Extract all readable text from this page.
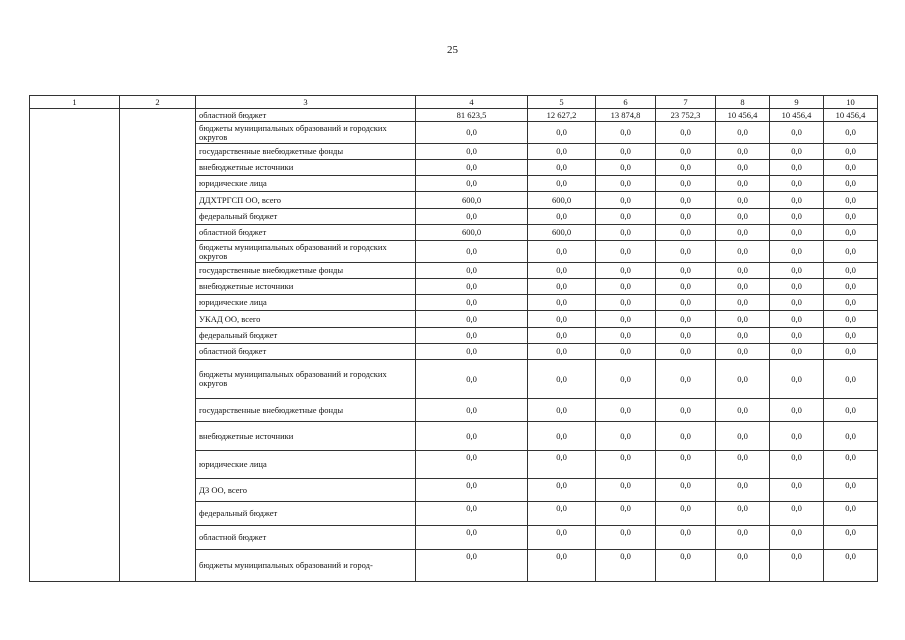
25
1	2	3	4	5	6	7	8	9	10
		областной бюджет	81 623,5	12 627,2	13 874,8	23 752,3	10 456,4	10 456,4	10 456,4
		бюджеты муниципальных образований и городских округов	0,0	0,0	0,0	0,0	0,0	0,0	0,0
		государственные внебюджетные фонды	0,0	0,0	0,0	0,0	0,0	0,0	0,0
		внебюджетные источники	0,0	0,0	0,0	0,0	0,0	0,0	0,0
		юридические лица	0,0	0,0	0,0	0,0	0,0	0,0	0,0
		ДДХТРГСП ОО, всего	600,0	600,0	0,0	0,0	0,0	0,0	0,0
		федеральный бюджет	0,0	0,0	0,0	0,0	0,0	0,0	0,0
		областной бюджет	600,0	600,0	0,0	0,0	0,0	0,0	0,0
		бюджеты муниципальных образований и городских округов	0,0	0,0	0,0	0,0	0,0	0,0	0,0
		государственные внебюджетные фонды	0,0	0,0	0,0	0,0	0,0	0,0	0,0
		внебюджетные источники	0,0	0,0	0,0	0,0	0,0	0,0	0,0
		юридические лица	0,0	0,0	0,0	0,0	0,0	0,0	0,0
		УКАД ОО, всего	0,0	0,0	0,0	0,0	0,0	0,0	0,0
		федеральный бюджет	0,0	0,0	0,0	0,0	0,0	0,0	0,0
		областной бюджет	0,0	0,0	0,0	0,0	0,0	0,0	0,0
		бюджеты муниципальных образований и городских округов	0,0	0,0	0,0	0,0	0,0	0,0	0,0
		государственные внебюджетные фонды	0,0	0,0	0,0	0,0	0,0	0,0	0,0
		внебюджетные источники	0,0	0,0	0,0	0,0	0,0	0,0	0,0
		юридические лица	0,0	0,0	0,0	0,0	0,0	0,0	0,0
		ДЗ ОО, всего	0,0	0,0	0,0	0,0	0,0	0,0	0,0
		федеральный бюджет	0,0	0,0	0,0	0,0	0,0	0,0	0,0
		областной бюджет	0,0	0,0	0,0	0,0	0,0	0,0	0,0
		бюджеты муниципальных образований и город-	0,0	0,0	0,0	0,0	0,0	0,0	0,0
